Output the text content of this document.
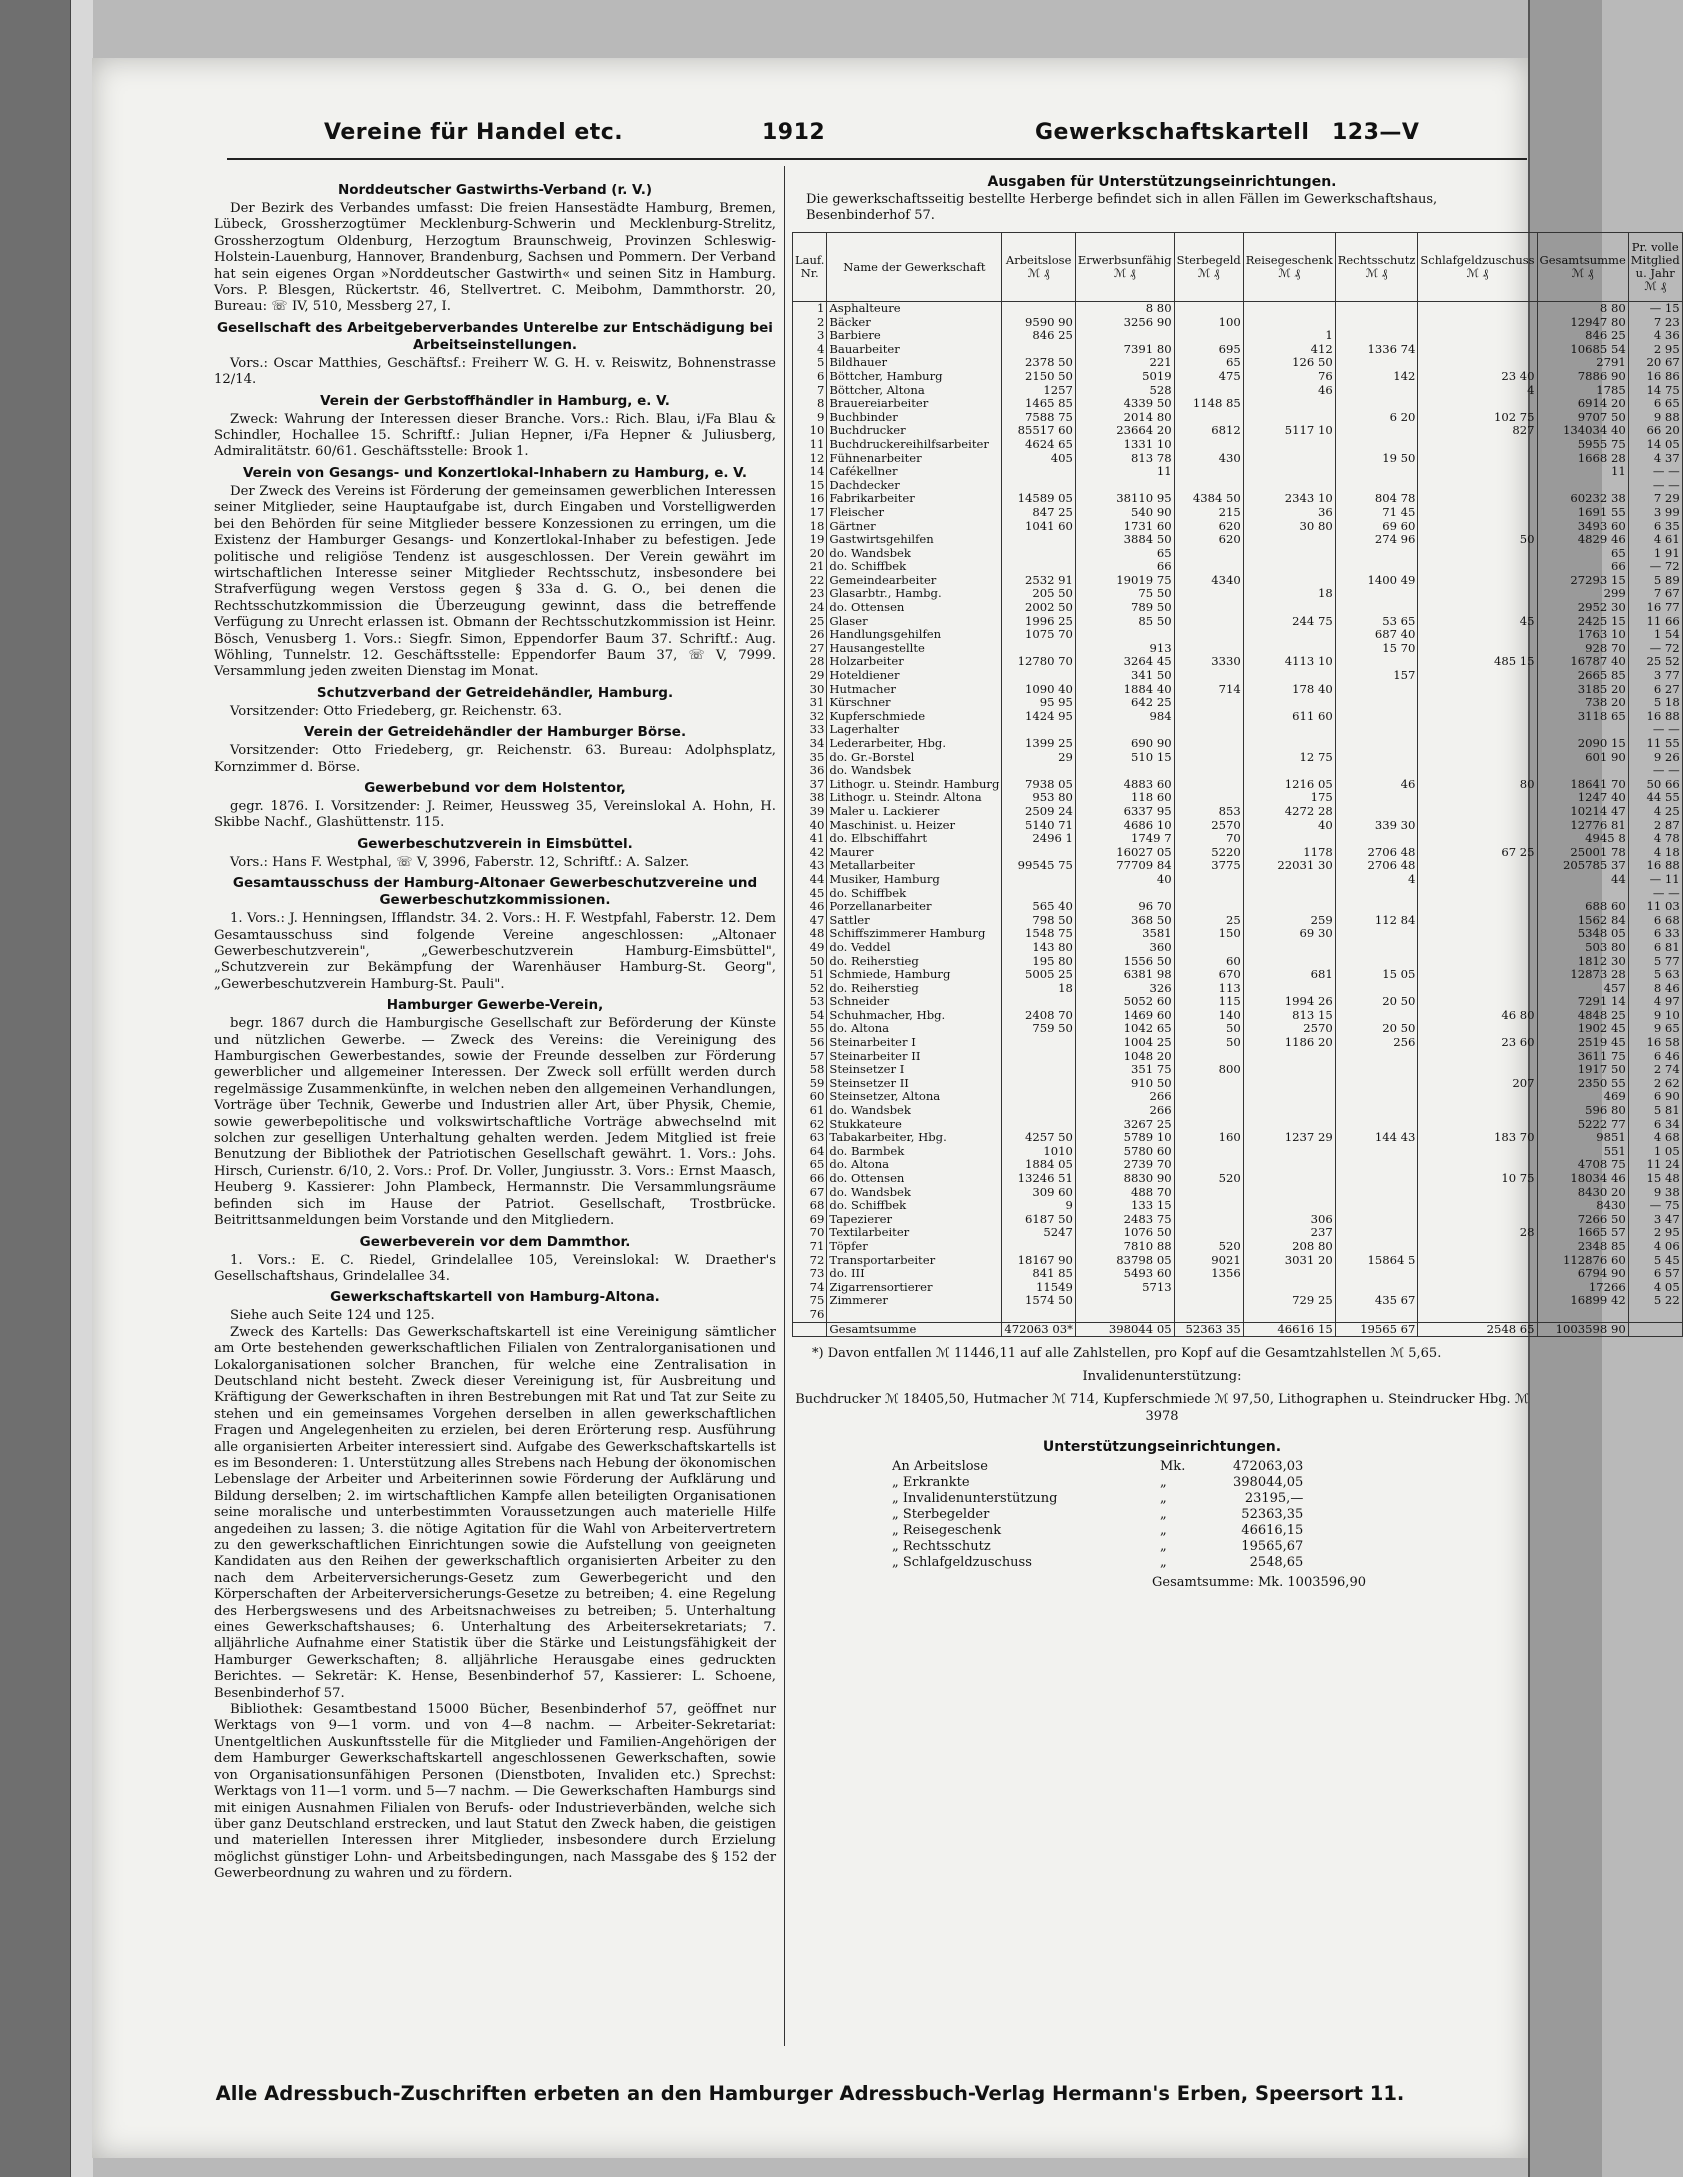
Vereine für Handel etc.	1912	Gewerkschaftskartell 123—V
Norddeutscher Gastwirths-Verband (r. V.)

Der Bezirk des Verbandes umfasst: Die freien Hansestädte Hamburg, Bremen, Lübeck, Grossherzogtümer Mecklenburg-Schwerin und Mecklenburg-Strelitz, Grossherzogtum Oldenburg, Herzogtum Braunschweig, Provinzen Schleswig-Holstein-Lauenburg, Hannover, Brandenburg, Sachsen und Pommern. Der Verband hat sein eigenes Organ »Norddeutscher Gastwirth« und seinen Sitz in Hamburg. Vors. P. Blesgen, Rückertstr. 46, Stellvertret. C. Meibohm, Dammthorstr. 20, Bureau: ☏ IV, 510, Messberg 27, I.

Gesellschaft des Arbeitgeberverbandes Unterelbe zur Entschädigung bei Arbeitseinstellungen.

Vors.: Oscar Matthies, Geschäftsf.: Freiherr W. G. H. v. Reiswitz, Bohnenstrasse 12/14.

Verein der Gerbstoffhändler in Hamburg, e. V.

Zweck: Wahrung der Interessen dieser Branche. Vors.: Rich. Blau, i/Fa Blau & Schindler, Hochallee 15. Schriftf.: Julian Hepner, i/Fa Hepner & Juliusberg, Admiralitätstr. 60/61. Geschäftsstelle: Brook 1.

Verein von Gesangs- und Konzertlokal-Inhabern zu Hamburg, e. V.

Der Zweck des Vereins ist Förderung der gemeinsamen gewerblichen Interessen seiner Mitglieder, seine Hauptaufgabe ist, durch Eingaben und Vorstelligwerden bei den Behörden für seine Mitglieder bessere Konzessionen zu erringen, um die Existenz der Hamburger Gesangs- und Konzertlokal-Inhaber zu befestigen. Jede politische und religiöse Tendenz ist ausgeschlossen. Der Verein gewährt im wirtschaftlichen Interesse seiner Mitglieder Rechtsschutz, insbesondere bei Strafverfügung wegen Verstoss gegen § 33a d. G. O., bei denen die Rechtsschutzkommission die Überzeugung gewinnt, dass die betreffende Verfügung zu Unrecht erlassen ist. Obmann der Rechtsschutzkommission ist Heinr. Bösch, Venusberg 1. Vors.: Siegfr. Simon, Eppendorfer Baum 37. Schriftf.: Aug. Wöhling, Tunnelstr. 12. Geschäftsstelle: Eppendorfer Baum 37, ☏ V, 7999. Versammlung jeden zweiten Dienstag im Monat.

Schutzverband der Getreidehändler, Hamburg.

Vorsitzender: Otto Friedeberg, gr. Reichenstr. 63.

Verein der Getreidehändler der Hamburger Börse.

Vorsitzender: Otto Friedeberg, gr. Reichenstr. 63. Bureau: Adolphsplatz, Kornzimmer d. Börse.

Gewerbebund vor dem Holstentor,

gegr. 1876. I. Vorsitzender: J. Reimer, Heussweg 35, Vereinslokal A. Hohn, H. Skibbe Nachf., Glashüttenstr. 115.

Gewerbeschutzverein in Eimsbüttel.

Vors.: Hans F. Westphal, ☏ V, 3996, Faberstr. 12, Schriftf.: A. Salzer.

Gesamtausschuss der Hamburg-Altonaer Gewerbeschutzvereine und Gewerbeschutzkommissionen.

1. Vors.: J. Henningsen, Ifflandstr. 34. 2. Vors.: H. F. Westpfahl, Faberstr. 12. Dem Gesamtausschuss sind folgende Vereine angeschlossen: „Altonaer Gewerbeschutzverein", „Gewerbeschutzverein Hamburg-Eimsbüttel", „Schutzverein zur Bekämpfung der Warenhäuser Hamburg-St. Georg", „Gewerbeschutzverein Hamburg-St. Pauli".

Hamburger Gewerbe-Verein,

begr. 1867 durch die Hamburgische Gesellschaft zur Beförderung der Künste und nützlichen Gewerbe. — Zweck des Vereins: die Vereinigung des Hamburgischen Gewerbestandes, sowie der Freunde desselben zur Förderung gewerblicher und allgemeiner Interessen. Der Zweck soll erfüllt werden durch regelmässige Zusammenkünfte, in welchen neben den allgemeinen Verhandlungen, Vorträge über Technik, Gewerbe und Industrien aller Art, über Physik, Chemie, sowie gewerbepolitische und volkswirtschaftliche Vorträge abwechselnd mit solchen zur geselligen Unterhaltung gehalten werden. Jedem Mitglied ist freie Benutzung der Bibliothek der Patriotischen Gesellschaft gewährt. 1. Vors.: Johs. Hirsch, Curienstr. 6/10, 2. Vors.: Prof. Dr. Voller, Jungiusstr. 3. Vors.: Ernst Maasch, Heuberg 9. Kassierer: John Plambeck, Hermannstr. Die Versammlungsräume befinden sich im Hause der Patriot. Gesellschaft, Trostbrücke. Beitrittsanmeldungen beim Vorstande und den Mitgliedern.

Gewerbeverein vor dem Dammthor.

1. Vors.: E. C. Riedel, Grindelallee 105, Vereinslokal: W. Draether's Gesellschaftshaus, Grindelallee 34.

Gewerkschaftskartell von Hamburg-Altona.

Siehe auch Seite 124 und 125.

Zweck des Kartells: Das Gewerkschaftskartell ist eine Vereinigung sämtlicher am Orte bestehenden gewerkschaftlichen Filialen von Zentralorganisationen und Lokalorganisationen solcher Branchen, für welche eine Zentralisation in Deutschland nicht besteht. Zweck dieser Vereinigung ist, für Ausbreitung und Kräftigung der Gewerkschaften in ihren Bestrebungen mit Rat und Tat zur Seite zu stehen und ein gemeinsames Vorgehen derselben in allen gewerkschaftlichen Fragen und Angelegenheiten zu erzielen, bei deren Erörterung resp. Ausführung alle organisierten Arbeiter interessiert sind. Aufgabe des Gewerkschaftskartells ist es im Besonderen: 1. Unterstützung alles Strebens nach Hebung der ökonomischen Lebenslage der Arbeiter und Arbeiterinnen sowie Förderung der Aufklärung und Bildung derselben; 2. im wirtschaftlichen Kampfe allen beteiligten Organisationen seine moralische und unterbestimmten Voraussetzungen auch materielle Hilfe angedeihen zu lassen; 3. die nötige Agitation für die Wahl von Arbeitervertretern zu den gewerkschaftlichen Einrichtungen sowie die Aufstellung von geeigneten Kandidaten aus den Reihen der gewerkschaftlich organisierten Arbeiter zu den nach dem Arbeiterversicherungs-Gesetz zum Gewerbegericht und den Körperschaften der Arbeiterversicherungs-Gesetze zu betreiben; 4. eine Regelung des Herbergswesens und des Arbeitsnachweises zu betreiben; 5. Unterhaltung eines Gewerkschaftshauses; 6. Unterhaltung des Arbeitersekretariats; 7. alljährliche Aufnahme einer Statistik über die Stärke und Leistungsfähigkeit der Hamburger Gewerkschaften; 8. alljährliche Herausgabe eines gedruckten Berichtes. — Sekretär: K. Hense, Besenbinderhof 57, Kassierer: L. Schoene, Besenbinderhof 57.

Bibliothek: Gesamtbestand 15000 Bücher, Besenbinderhof 57, geöffnet nur Werktags von 9—1 vorm. und von 4—8 nachm. — Arbeiter-Sekretariat: Unentgeltlichen Auskunftsstelle für die Mitglieder und Familien-Angehörigen der dem Hamburger Gewerkschaftskartell angeschlossenen Gewerkschaften, sowie von Organisationsunfähigen Personen (Dienstboten, Invaliden etc.) Sprechst: Werktags von 11—1 vorm. und 5—7 nachm. — Die Gewerkschaften Hamburgs sind mit einigen Ausnahmen Filialen von Berufs- oder Industrieverbänden, welche sich über ganz Deutschland erstrecken, und laut Statut den Zweck haben, die geistigen und materiellen Interessen ihrer Mitglieder, insbesondere durch Erzielung möglichst günstiger Lohn- und Arbeitsbedingungen, nach Massgabe des § 152 der Gewerbeordnung zu wahren und zu fördern.

Ausgaben für Unterstützungseinrichtungen.

Die gewerkschaftsseitig bestellte Herberge befindet sich in allen Fällen im Gewerkschaftshaus, Besenbinderhof 57.

Lauf. Nr.	Name der Gewerkschaft	Arbeitslose ℳ ₰	Erwerbsunfähig ℳ ₰	Sterbegeld ℳ ₰	Reisegeschenk ℳ ₰	Rechtsschutz ℳ ₰	Schlafgeldzuschuss ℳ ₰	Gesamtsumme ℳ ₰	Pr. volle Mitglied u. Jahr ℳ ₰
1	Asphalteure		8 80					8 80	— 15
2	Bäcker	9590 90	3256 90	100				12947 80	7 23
3	Barbiere	846 25			1			846 25	4 36
4	Bauarbeiter		7391 80	695	412	1336 74		10685 54	2 95
5	Bildhauer	2378 50	221	65	126 50			2791	20 67
6	Böttcher, Hamburg	2150 50	5019	475	76	142	23 40	7886 90	16 86
7	Böttcher, Altona	1257	528		46		4	1785	14 75
8	Brauereiarbeiter	1465 85	4339 50	1148 85				6914 20	6 65
9	Buchbinder	7588 75	2014 80			6 20	102 75	9707 50	9 88
10	Buchdrucker	85517 60	23664 20	6812	5117 10		827	134034 40	66 20
11	Buchdruckereihilfsarbeiter	4624 65	1331 10					5955 75	14 05
12	Fühnenarbeiter	405	813 78	430		19 50		1668 28	4 37
14	Cafékellner		11					11	— —
15	Dachdecker								— —
16	Fabrikarbeiter	14589 05	38110 95	4384 50	2343 10	804 78		60232 38	7 29
17	Fleischer	847 25	540 90	215	36	71 45		1691 55	3 99
18	Gärtner	1041 60	1731 60	620	30 80	69 60		3493 60	6 35
19	Gastwirtsgehilfen		3884 50	620		274 96	50	4829 46	4 61
20	do. Wandsbek		65					65	1 91
21	do. Schiffbek		66					66	— 72
22	Gemeindearbeiter	2532 91	19019 75	4340		1400 49		27293 15	5 89
23	Glasarbtr., Hambg.	205 50	75 50		18			299	7 67
24	do. Ottensen	2002 50	789 50					2952 30	16 77
25	Glaser	1996 25	85 50		244 75	53 65	45	2425 15	11 66
26	Handlungsgehilfen	1075 70				687 40		1763 10	1 54
27	Hausangestellte		913			15 70		928 70	— 72
28	Holzarbeiter	12780 70	3264 45	3330	4113 10		485 15	16787 40	25 52
29	Hoteldiener		341 50			157		2665 85	3 77
30	Hutmacher	1090 40	1884 40	714	178 40			3185 20	6 27
31	Kürschner	95 95	642 25					738 20	5 18
32	Kupferschmiede	1424 95	984		611 60			3118 65	16 88
33	Lagerhalter								— —
34	Lederarbeiter, Hbg.	1399 25	690 90					2090 15	11 55
35	do. Gr.-Borstel	29	510 15		12 75			601 90	9 26
36	do. Wandsbek								— —
37	Lithogr. u. Steindr. Hamburg	7938 05	4883 60		1216 05	46	80	18641 70	50 66
38	Lithogr. u. Steindr. Altona	953 80	118 60		175			1247 40	44 55
39	Maler u. Lackierer	2509 24	6337 95	853	4272 28			10214 47	4 25
40	Maschinist. u. Heizer	5140 71	4686 10	2570	40	339 30		12776 81	2 87
41	do. Elbschiffahrt	2496 1	1749 7	70				4945 8	4 78
42	Maurer		16027 05	5220	1178	2706 48	67 25	25001 78	4 18
43	Metallarbeiter	99545 75	77709 84	3775	22031 30	2706 48		205785 37	16 88
44	Musiker, Hamburg		40			4		44	— 11
45	do. Schiffbek								— —
46	Porzellanarbeiter	565 40	96 70					688 60	11 03
47	Sattler	798 50	368 50	25	259	112 84		1562 84	6 68
48	Schiffszimmerer Hamburg	1548 75	3581	150	69 30			5348 05	6 33
49	do. Veddel	143 80	360					503 80	6 81
50	do. Reiherstieg	195 80	1556 50	60				1812 30	5 77
51	Schmiede, Hamburg	5005 25	6381 98	670	681	15 05		12873 28	5 63
52	do. Reiherstieg	18	326	113				457	8 46
53	Schneider		5052 60	115	1994 26	20 50		7291 14	4 97
54	Schuhmacher, Hbg.	2408 70	1469 60	140	813 15		46 80	4848 25	9 10
55	do. Altona	759 50	1042 65	50	2570	20 50		1902 45	9 65
56	Steinarbeiter I		1004 25	50	1186 20	256	23 60	2519 45	16 58
57	Steinarbeiter II		1048 20					3611 75	6 46
58	Steinsetzer I		351 75	800				1917 50	2 74
59	Steinsetzer II		910 50				207	2350 55	2 62
60	Steinsetzer, Altona		266					469	6 90
61	do. Wandsbek		266					596 80	5 81
62	Stukkateure		3267 25					5222 77	6 34
63	Tabakarbeiter, Hbg.	4257 50	5789 10	160	1237 29	144 43	183 70	9851	4 68
64	do. Barmbek	1010	5780 60					551	1 05
65	do. Altona	1884 05	2739 70					4708 75	11 24
66	do. Ottensen	13246 51	8830 90	520			10 75	18034 46	15 48
67	do. Wandsbek	309 60	488 70					8430 20	9 38
68	do. Schiffbek	9	133 15					8430	— 75
69	Tapezierer	6187 50	2483 75		306			7266 50	3 47
70	Textilarbeiter	5247	1076 50		237		28	1665 57	2 95
71	Töpfer		7810 88	520	208 80			2348 85	4 06
72	Transportarbeiter	18167 90	83798 05	9021	3031 20	15864 5		112876 60	5 45
73	do. III	841 85	5493 60	1356				6794 90	6 57
74	Zigarrensortierer	11549	5713					17266	4 05
75	Zimmerer	1574 50			729 25	435 67		16899 42	5 22
76									
	Gesamtsumme	472063 03*	398044 05	52363 35	46616 15	19565 67	2548 65	1003598 90	
*) Davon entfallen ℳ 11446,11 auf alle Zahlstellen, pro Kopf auf die Gesamtzahlstellen ℳ 5,65.
Invalidenunterstützung:
Buchdrucker ℳ 18405,50, Hutmacher ℳ 714, Kupferschmiede ℳ 97,50, Lithographen u. Steindrucker Hbg. ℳ 3978
Unterstützungseinrichtungen.
An Arbeitslose	Mk.	472063,03
„ Erkrankte	„	398044,05
„ Invalidenunterstützung	„	23195,—
„ Sterbegelder	„	52363,35
„ Reisegeschenk	„	46616,15
„ Rechtsschutz	„	19565,67
„ Schlafgeldzuschuss	„	2548,65
Gesamtsumme: Mk. 1003596,90
Alle Adressbuch-Zuschriften erbeten an den Hamburger Adressbuch-Verlag Hermann's Erben, Speersort 11.
